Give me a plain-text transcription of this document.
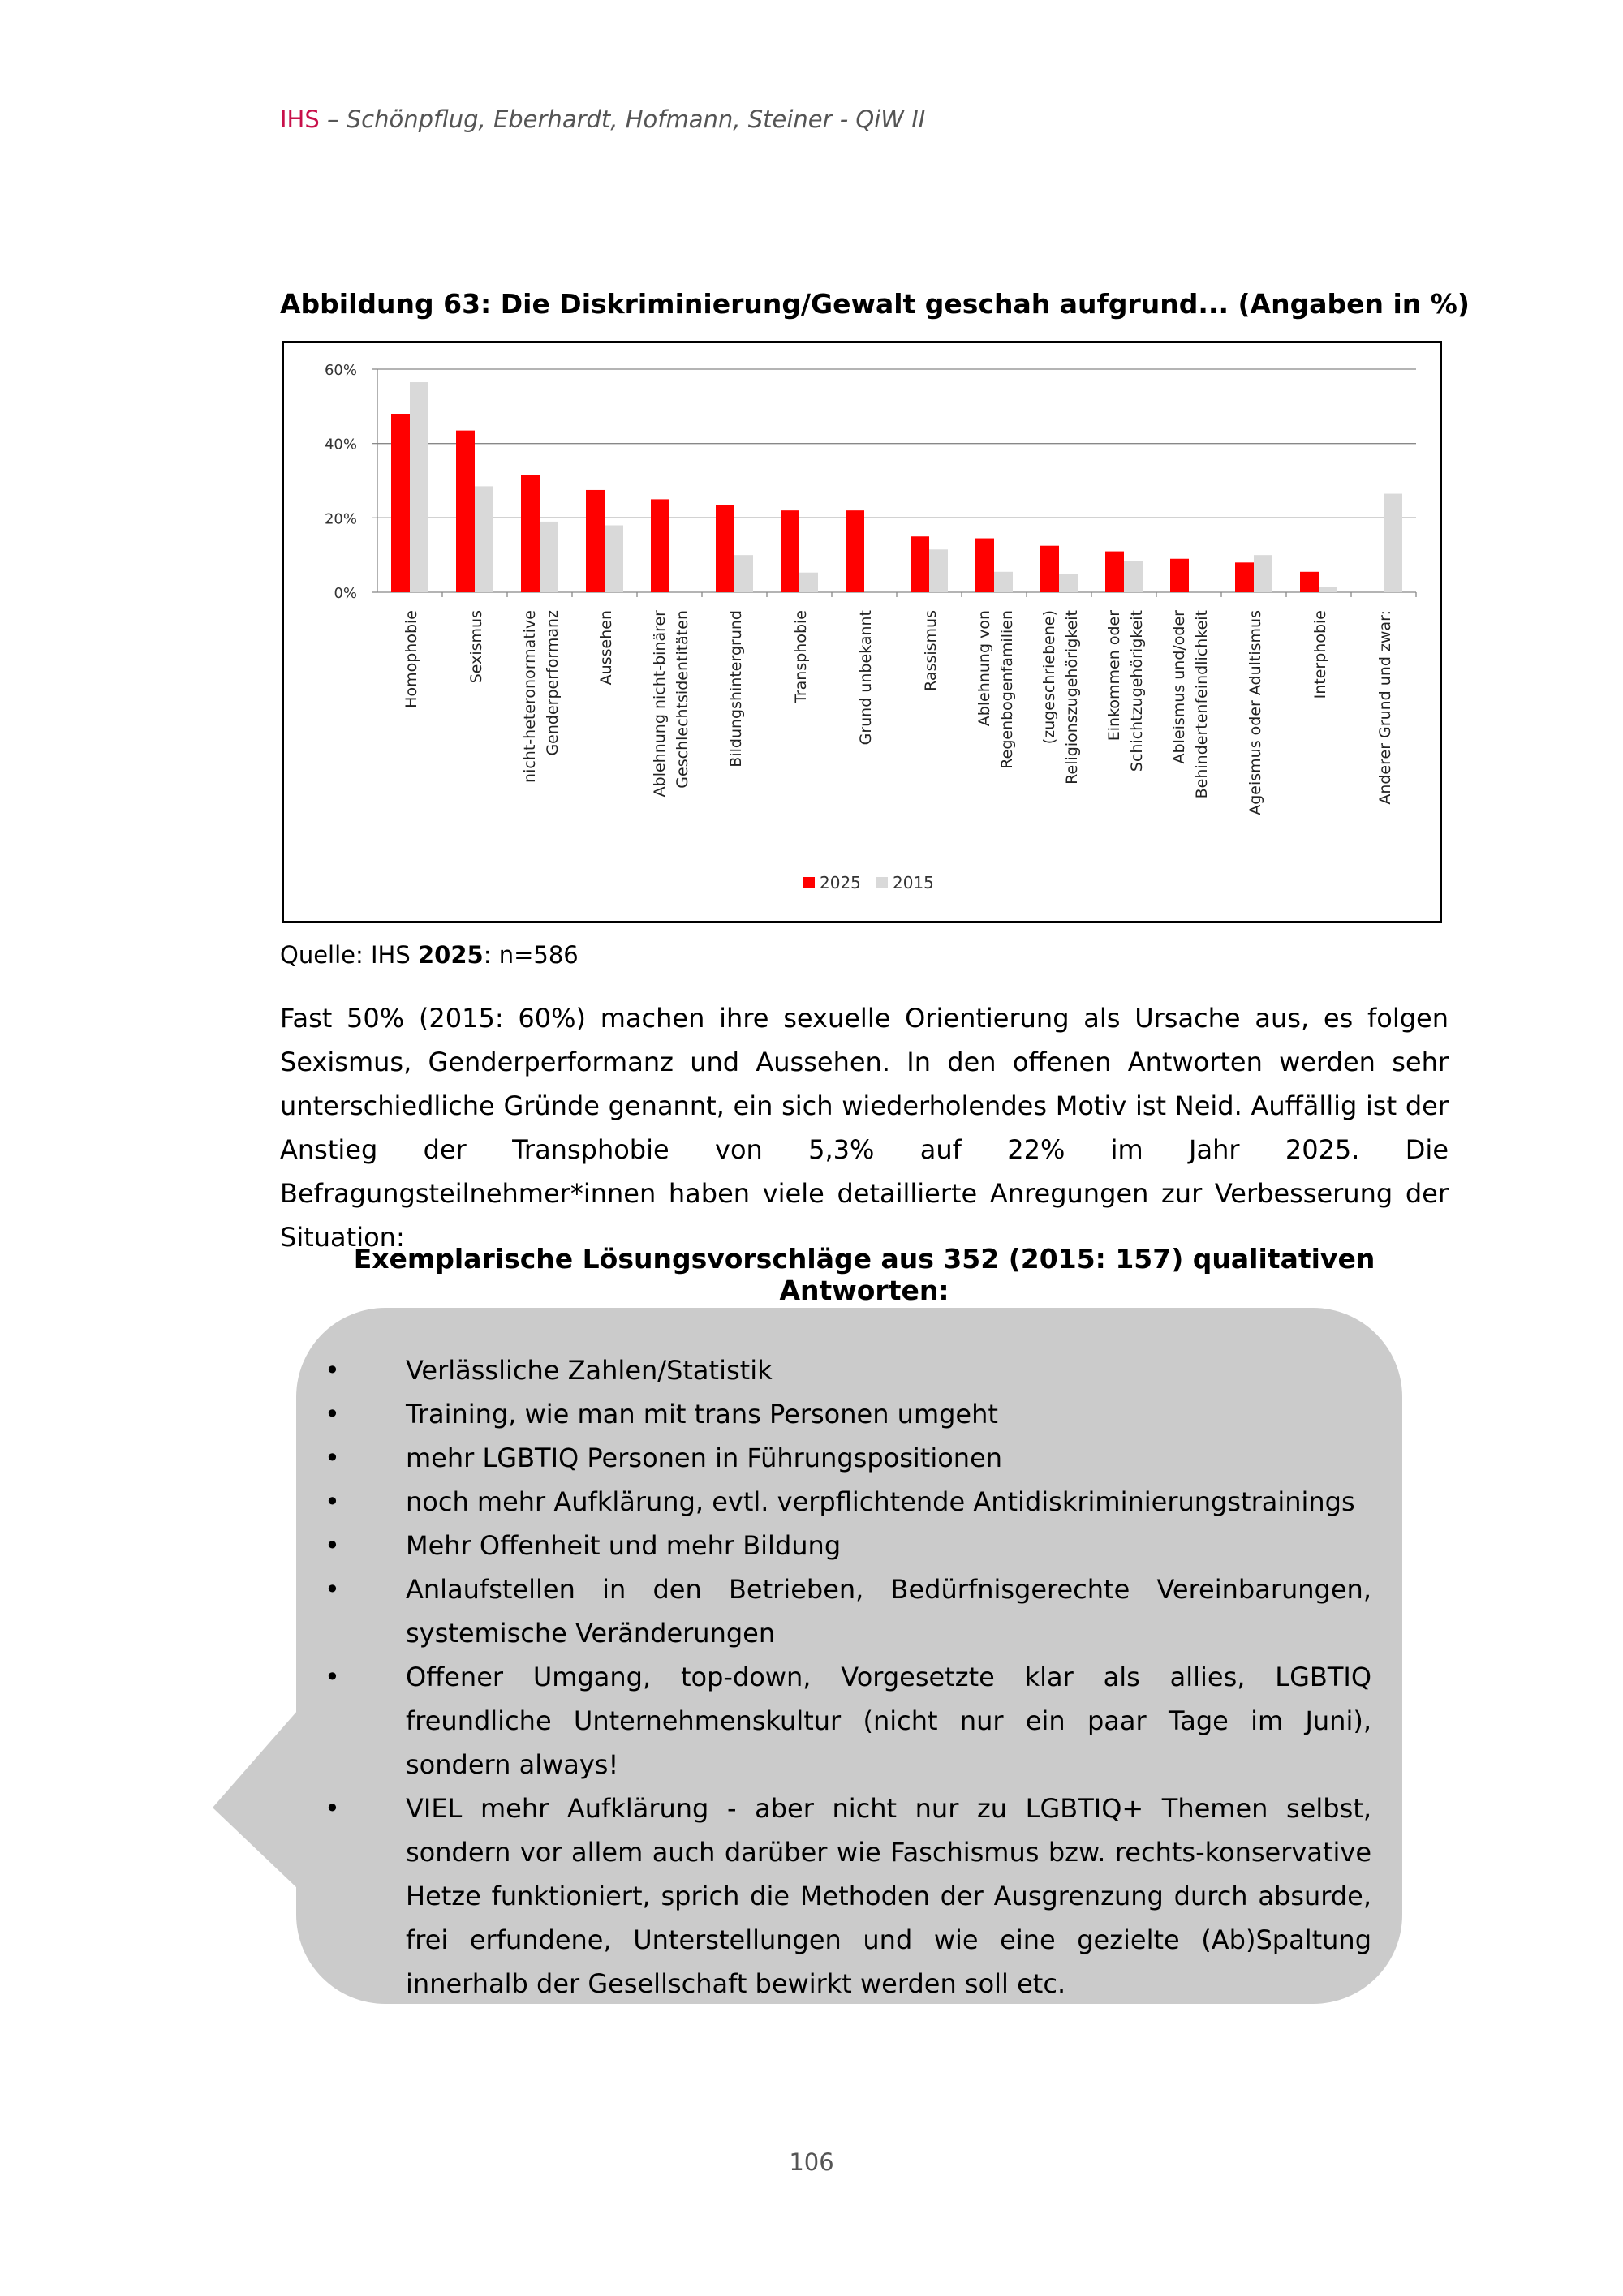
IHS – Schönpflug, Eberhardt, Hofmann, Steiner - QiW II
Abbildung 63: Die Diskriminierung/Gewalt geschah aufgrund... (Angaben in %)
0%
20%
40%
60%
Homophobie	Sexismus nicht-heteronormative Genderperformanz Aussehen Ablehnung nicht-binärer Geschlechtsidentitäten Bildungshintergrund	Transphobie	Grund unbekannt	Rassismus Ablehnung von Regenbogenfamilien (zugeschriebene) Religionszugehörigkeit Einkommen oder Schichtzugehörigkeit Ableismus und/oder Behindertenfeindlichkeit Ageismus oder Adultismus	Interphobie	Anderer Grund und zwar:
2025 2015
Quelle: IHS 2025: n=586

Fast 50% (2015: 60%) machen ihre sexuelle Orientierung als Ursache aus, es folgen Sexismus, Genderperformanz und Aussehen. In den offenen Antworten werden sehr unterschiedliche Gründe genannt, ein sich wiederholendes Motiv ist Neid. Auffällig ist der Anstieg der Transphobie von 5,3% auf 22% im Jahr 2025. Die Befragungsteilnehmer*innen haben viele detaillierte Anregungen zur Verbesserung der Situation:

Exemplarische Lösungsvorschläge aus 352 (2015: 157) qualitativen Antworten:
•	Verlässliche Zahlen/Statistik
•	Training, wie man mit trans Personen umgeht
•	mehr LGBTIQ Personen in Führungspositionen
•	noch mehr Aufklärung, evtl. verpflichtende Antidiskriminierungstrainings
•	Mehr Offenheit und mehr Bildung
•	Anlaufstellen in den Betrieben, Bedürfnisgerechte Vereinbarungen, systemische Veränderungen
•	Offener Umgang, top-down, Vorgesetzte klar als allies, LGBTIQ freundliche Unternehmenskultur (nicht nur ein paar Tage im Juni), sondern always!
•	VIEL mehr Aufklärung - aber nicht nur zu LGBTIQ+ Themen selbst, sondern vor allem auch darüber wie Faschismus bzw. rechts-konservative Hetze funktioniert, sprich die Methoden der Ausgrenzung durch absurde, frei erfundene, Unterstellungen und wie eine gezielte (Ab)Spaltung innerhalb der Gesellschaft bewirkt werden soll etc.
106
